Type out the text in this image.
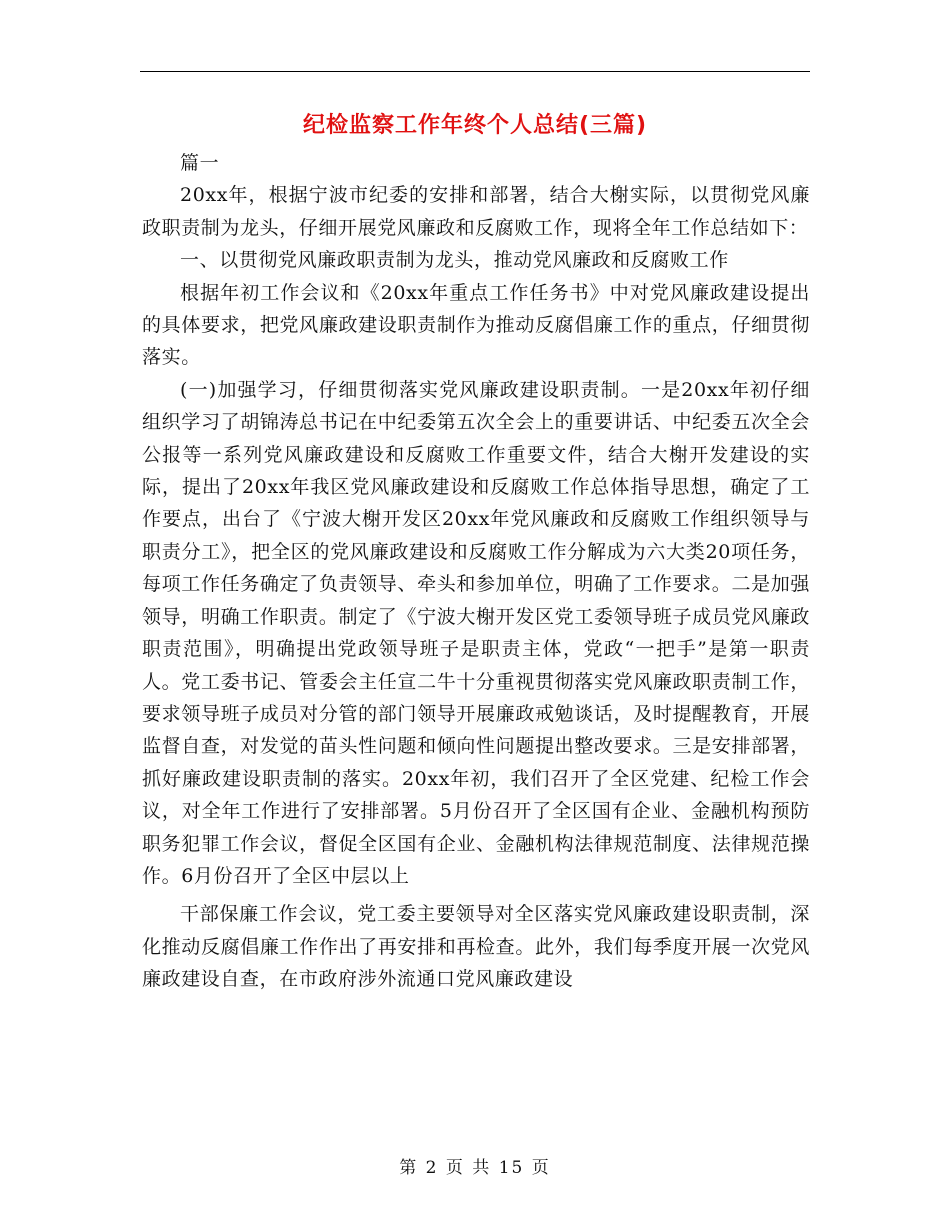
纪检监察工作年终个人总结(三篇)

篇一

20xx年，根据宁波市纪委的安排和部署，结合大榭实际，以贯彻党风廉政职责制为龙头，仔细开展党风廉政和反腐败工作，现将全年工作总结如下：

一、以贯彻党风廉政职责制为龙头，推动党风廉政和反腐败工作

根据年初工作会议和《20xx年重点工作任务书》中对党风廉政建设提出的具体要求，把党风廉政建设职责制作为推动反腐倡廉工作的重点，仔细贯彻落实。

(一)加强学习，仔细贯彻落实党风廉政建设职责制。一是20xx年初仔细组织学习了胡锦涛总书记在中纪委第五次全会上的重要讲话、中纪委五次全会公报等一系列党风廉政建设和反腐败工作重要文件，结合大榭开发建设的实际，提出了20xx年我区党风廉政建设和反腐败工作总体指导思想，确定了工作要点，出台了《宁波大榭开发区20xx年党风廉政和反腐败工作组织领导与职责分工》，把全区的党风廉政建设和反腐败工作分解成为六大类20项任务，每项工作任务确定了负责领导、牵头和参加单位，明确了工作要求。二是加强领导，明确工作职责。制定了《宁波大榭开发区党工委领导班子成员党风廉政职责范围》，明确提出党政领导班子是职责主体，党政“一把手”是第一职责人。党工委书记、管委会主任宣二牛十分重视贯彻落实党风廉政职责制工作，要求领导班子成员对分管的部门领导开展廉政戒勉谈话，及时提醒教育，开展监督自查，对发觉的苗头性问题和倾向性问题提出整改要求。三是安排部署，抓好廉政建设职责制的落实。20xx年初，我们召开了全区党建、纪检工作会议，对全年工作进行了安排部署。5月份召开了全区国有企业、金融机构预防职务犯罪工作会议，督促全区国有企业、金融机构法律规范制度、法律规范操作。6月份召开了全区中层以上

干部保廉工作会议，党工委主要领导对全区落实党风廉政建设职责制，深化推动反腐倡廉工作作出了再安排和再检查。此外，我们每季度开展一次党风廉政建设自查，在市政府涉外流通口党风廉政建设

第 2 页 共 15 页
